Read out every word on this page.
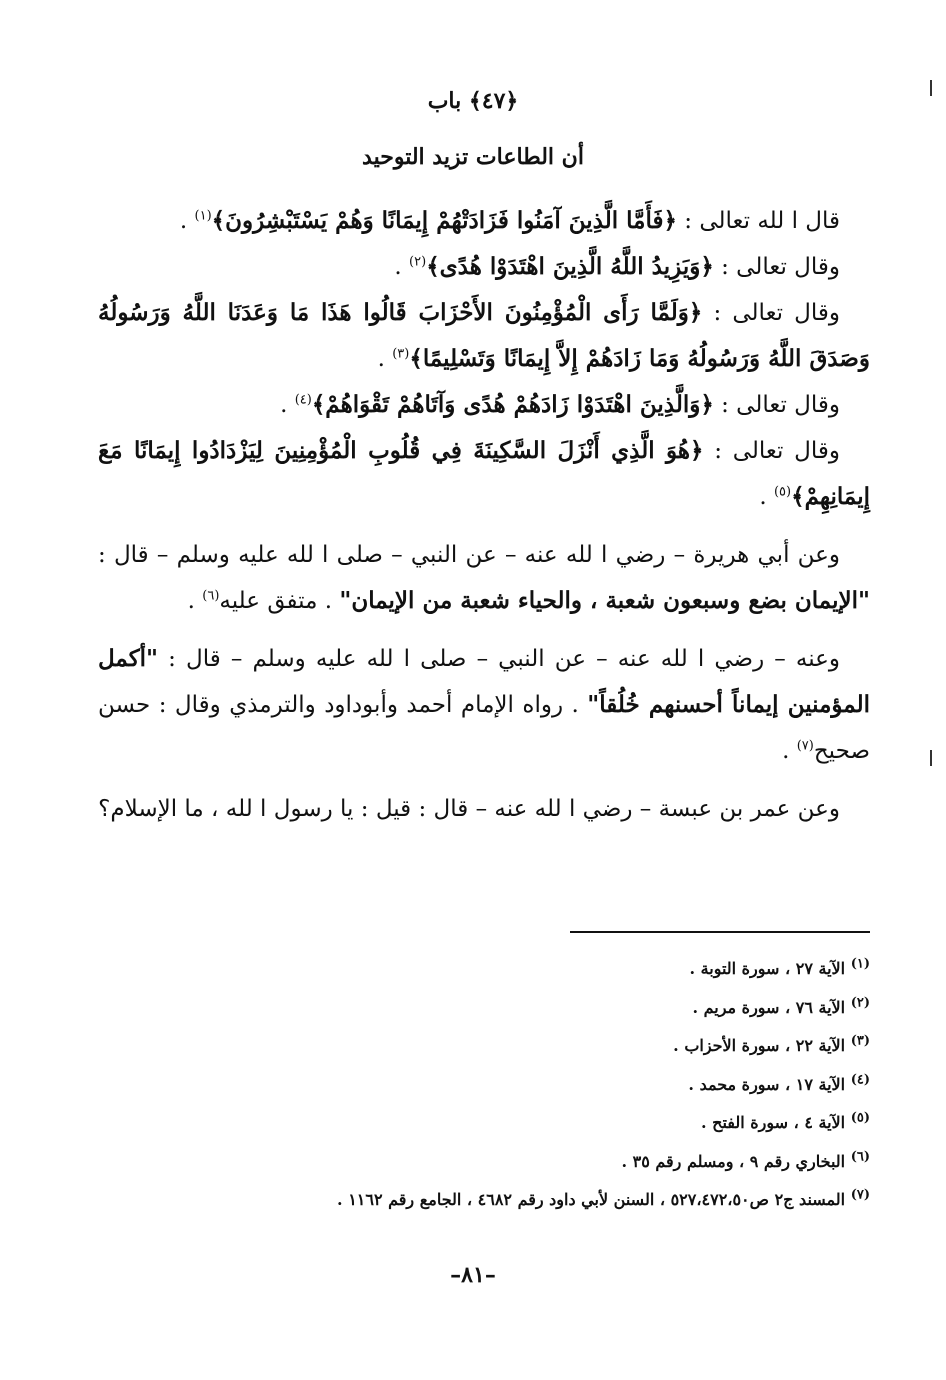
﴿٤٧﴾ باب
أن الطاعات تزيد التوحيد

قال ا لله تعالى : ﴿فَأَمَّا الَّذِينَ آمَنُوا فَزَادَتْهُمْ إِيمَانًا وَهُمْ يَسْتَبْشِرُونَ﴾$^{(١)}$ .

وقال تعالى : ﴿وَيَزِيدُ اللَّهُ الَّذِينَ اهْتَدَوْا هُدًى﴾$^{(٢)}$ .

وقال تعالى : ﴿وَلَمَّا رَأَى الْمُؤْمِنُونَ الأَحْزَابَ قَالُوا هَذَا مَا وَعَدَنَا اللَّهُ وَرَسُولُهُ وَصَدَقَ اللَّهُ وَرَسُولُهُ وَمَا زَادَهُمْ إِلاَّ إِيمَانًا وَتَسْلِيمًا﴾$^{(٣)}$ .

وقال تعالى : ﴿وَالَّذِينَ اهْتَدَوْا زَادَهُمْ هُدًى وَآتَاهُمْ تَقْوَاهُمْ﴾$^{(٤)}$ .

وقال تعالى : ﴿هُوَ الَّذِي أَنْزَلَ السَّكِينَةَ فِي قُلُوبِ الْمُؤْمِنِينَ لِيَزْدَادُوا إِيمَانًا مَعَ إِيمَانِهِمْ﴾$^{(٥)}$ .

وعن أبي هريرة – رضي ا لله عنه – عن النبي – صلى ا لله عليه وسلم – قال : "الإيمان بضع وسبعون شعبة ، والحياء شعبة من الإيمان" . متفق عليه$^{(٦)}$ .

وعنه – رضي ا لله عنه – عن النبي – صلى ا لله عليه وسلم – قال : "أكمل المؤمنين إيماناً أحسنهم خُلُقاً" . رواه الإمام أحمد وأبوداود والترمذي وقال : حسن صحيح$^{(٧)}$ .

وعن عمر بن عبسة – رضي ا لله عنه – قال : قيل : يا رسول ا لله ، ما الإسلام؟

$^{(١)}$ الآية ٢٧ ، سورة التوبة .
$^{(٢)}$ الآية ٧٦ ، سورة مريم .
$^{(٣)}$ الآية ٢٢ ، سورة الأحزاب .
$^{(٤)}$ الآية ١٧ ، سورة محمد .
$^{(٥)}$ الآية ٤ ، سورة الفتح .
$^{(٦)}$ البخاري رقم ٩ ، ومسلم رقم ٣٥ .
$^{(٧)}$ المسند ج٢ ص٥٢٧،٤٧٢،٥٠ ، السنن لأبي داود رقم ٤٦٨٢ ، الجامع رقم ١١٦٢ .
–٨١–
